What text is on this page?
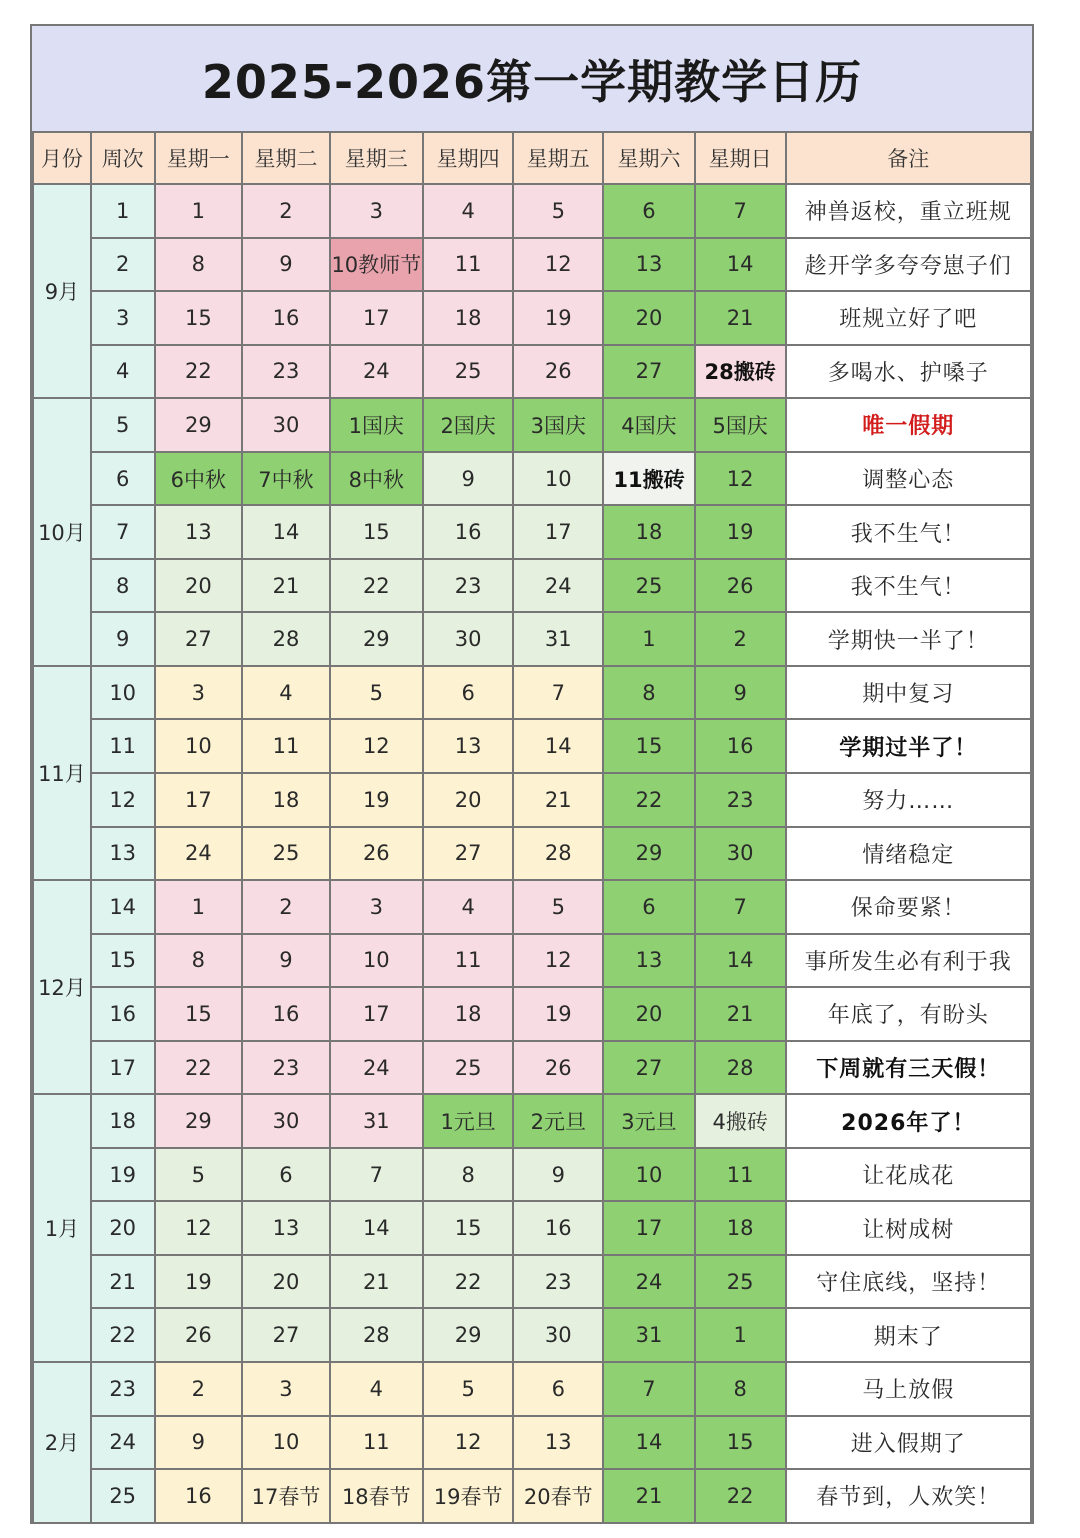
2025-2026第一学期教学日历
月份	周次	星期一	星期二	星期三	星期四	星期五	星期六	星期日	备注
9月	1	1	2	3	4	5	6	7	神兽返校，重立班规
	2	8	9	10教师节	11	12	13	14	趁开学多夸夸崽子们
	3	15	16	17	18	19	20	21	班规立好了吧
	4	22	23	24	25	26	27	28搬砖	多喝水、护嗓子
10月	5	29	30	1国庆	2国庆	3国庆	4国庆	5国庆	唯一假期
	6	6中秋	7中秋	8中秋	9	10	11搬砖	12	调整心态
	7	13	14	15	16	17	18	19	我不生气！
	8	20	21	22	23	24	25	26	我不生气！
	9	27	28	29	30	31	1	2	学期快一半了！
11月	10	3	4	5	6	7	8	9	期中复习
	11	10	11	12	13	14	15	16	学期过半了！
	12	17	18	19	20	21	22	23	努力……
	13	24	25	26	27	28	29	30	情绪稳定
12月	14	1	2	3	4	5	6	7	保命要紧！
	15	8	9	10	11	12	13	14	事所发生必有利于我
	16	15	16	17	18	19	20	21	年底了，有盼头
	17	22	23	24	25	26	27	28	下周就有三天假！
1月	18	29	30	31	1元旦	2元旦	3元旦	4搬砖	2026年了！
	19	5	6	7	8	9	10	11	让花成花
	20	12	13	14	15	16	17	18	让树成树
	21	19	20	21	22	23	24	25	守住底线，坚持！
	22	26	27	28	29	30	31	1	期末了
2月	23	2	3	4	5	6	7	8	马上放假
	24	9	10	11	12	13	14	15	进入假期了
	25	16	17春节	18春节	19春节	20春节	21	22	春节到，人欢笑！
